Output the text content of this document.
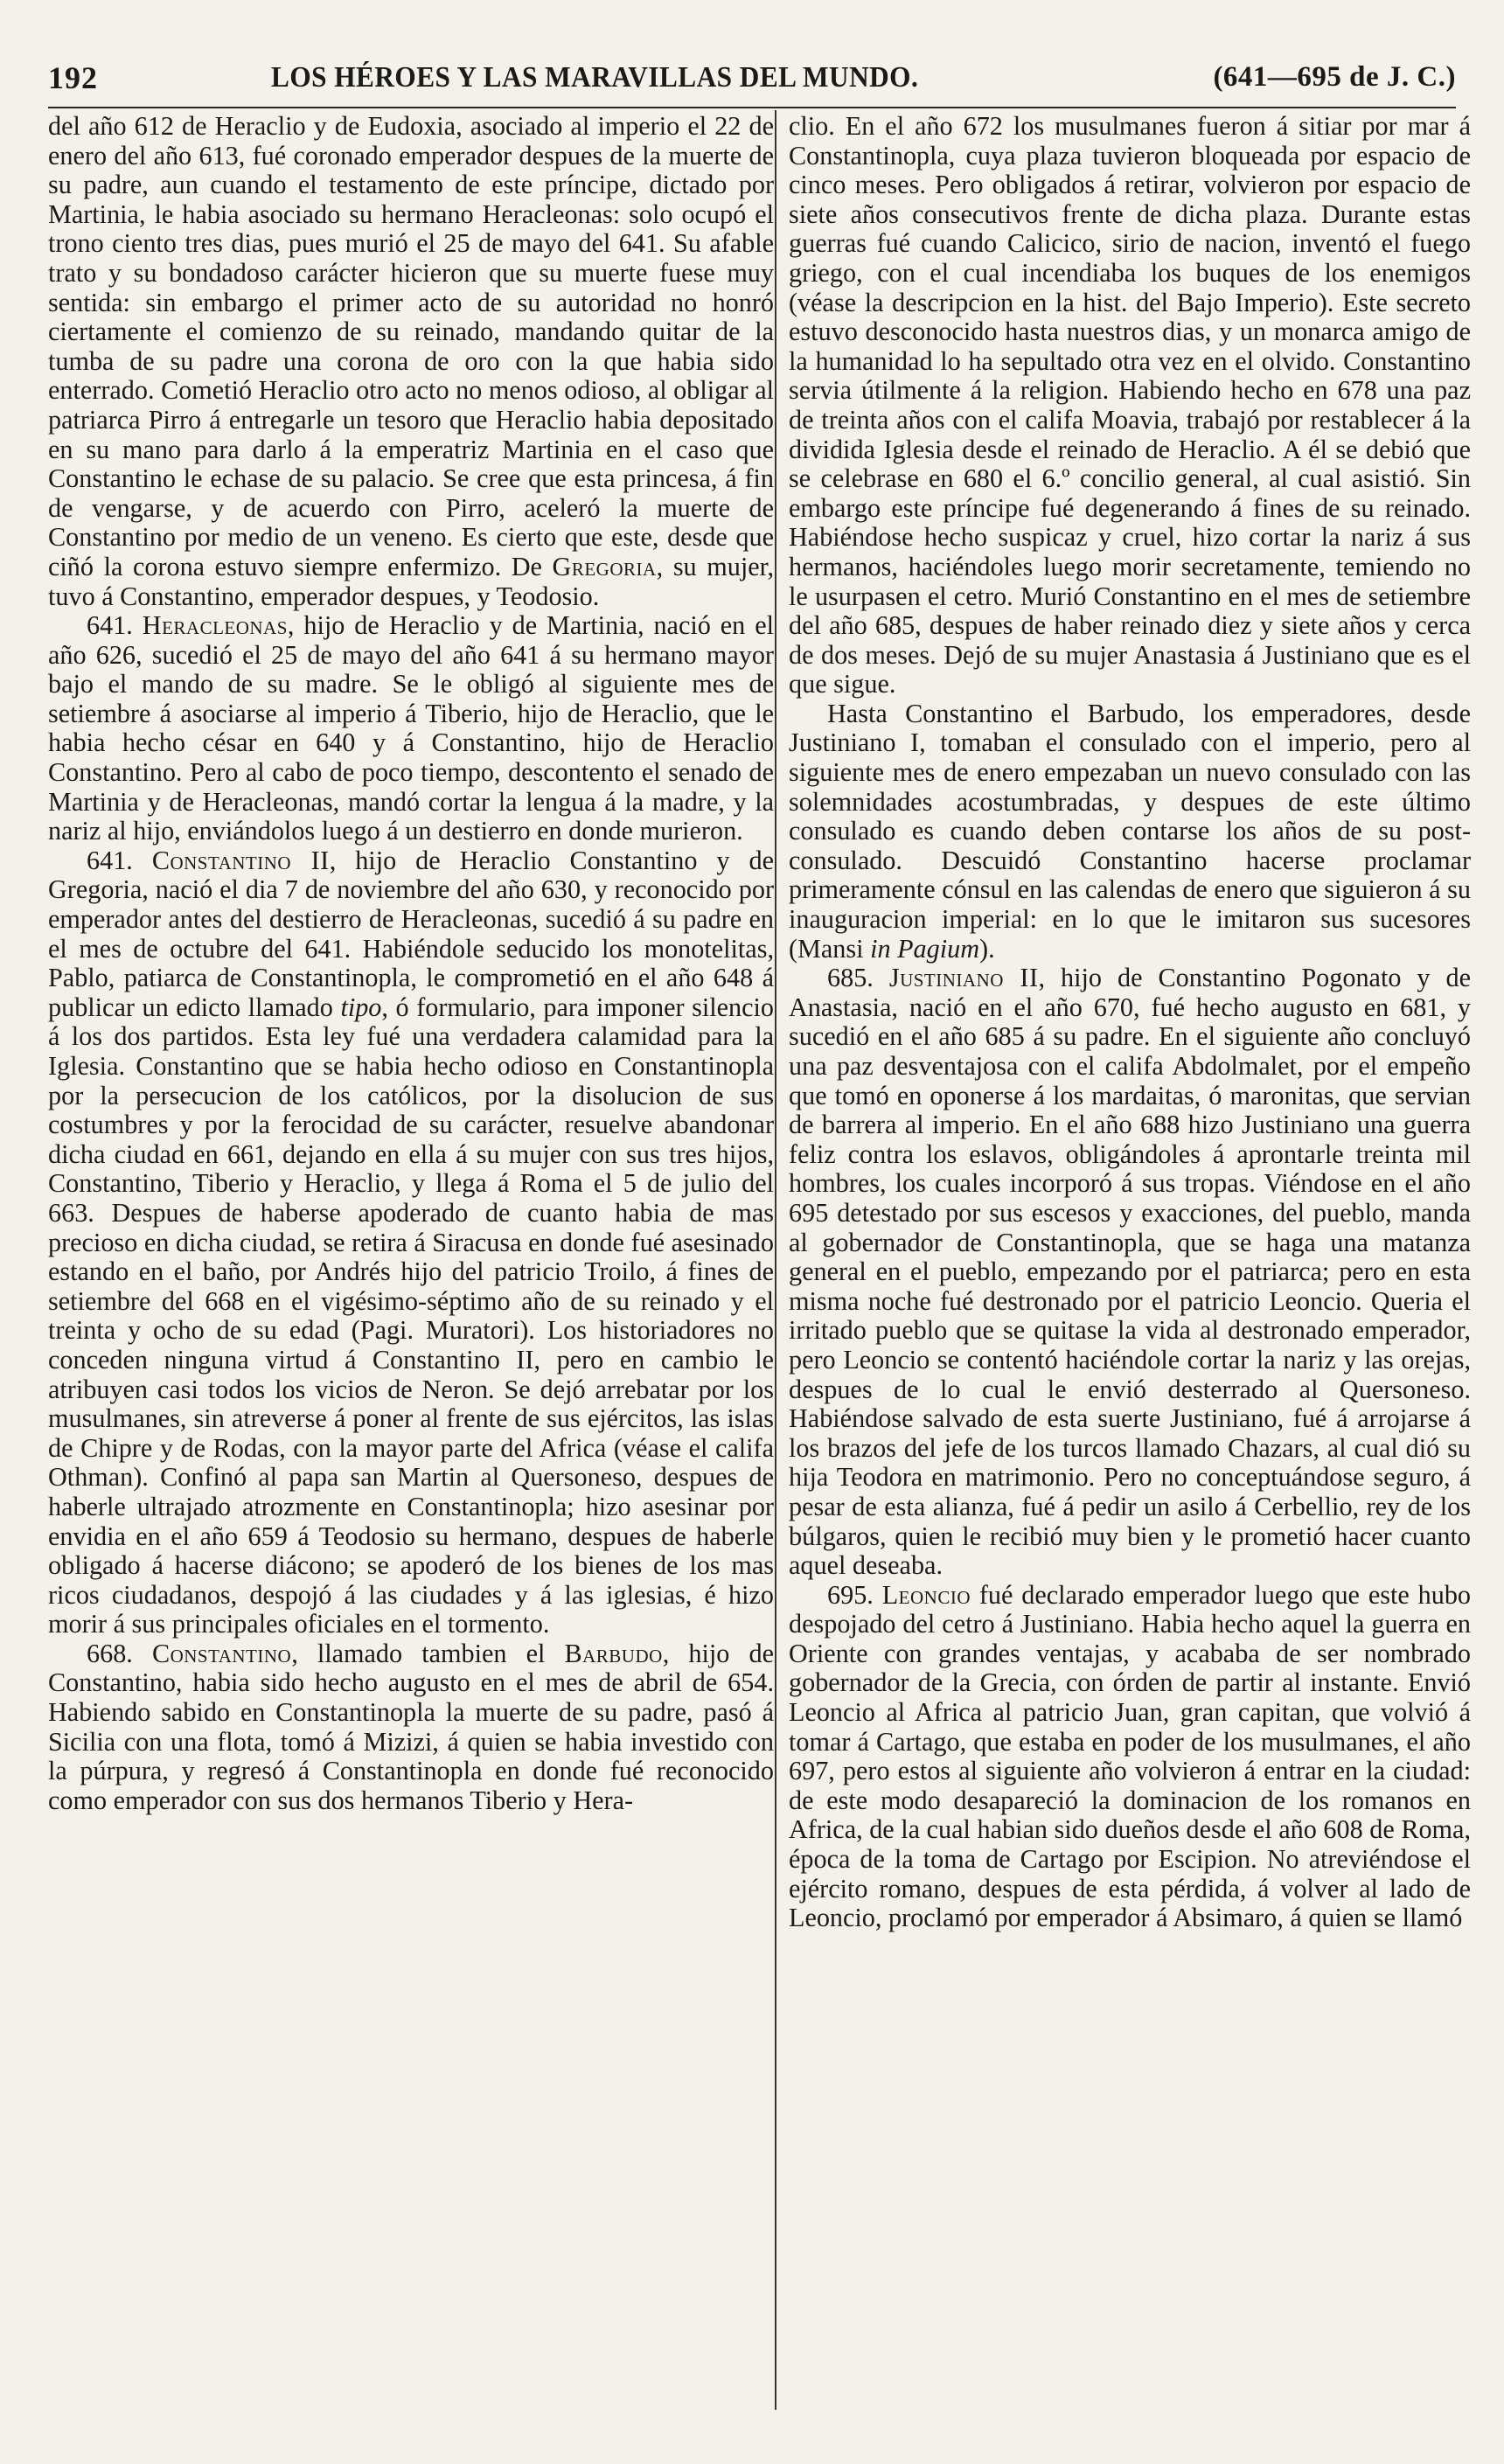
192	LOS HÉROES Y LAS MARAVILLAS DEL MUNDO.	(641—695 de J. C.)

del año 612 de Heraclio y de Eudoxia, asociado al imperio el 22 de enero del año 613, fué coronado emperador despues de la muerte de su padre, aun cuando el testamento de este príncipe, dictado por Martinia, le habia asociado su hermano Heracleonas: solo ocupó el trono ciento tres dias, pues murió el 25 de mayo del 641. Su afable trato y su bondadoso carácter hicieron que su muerte fuese muy sentida: sin embargo el primer acto de su autoridad no honró ciertamente el comienzo de su reinado, mandando quitar de la tumba de su padre una corona de oro con la que habia sido enterrado. Cometió Heraclio otro acto no menos odioso, al obligar al patriarca Pirro á entregarle un tesoro que Heraclio habia depositado en su mano para darlo á la emperatriz Martinia en el caso que Constantino le echase de su palacio. Se cree que esta princesa, á fin de vengarse, y de acuerdo con Pirro, aceleró la muerte de Constantino por medio de un veneno. Es cierto que este, desde que ciñó la corona estuvo siempre enfermizo. De Gregoria, su mujer, tuvo á Constantino, emperador despues, y Teodosio.

641. Heracleonas, hijo de Heraclio y de Martinia, nació en el año 626, sucedió el 25 de mayo del año 641 á su hermano mayor bajo el mando de su madre. Se le obligó al siguiente mes de setiembre á asociarse al imperio á Tiberio, hijo de Heraclio, que le habia hecho césar en 640 y á Constantino, hijo de Heraclio Constantino. Pero al cabo de poco tiempo, descontento el senado de Martinia y de Heracleonas, mandó cortar la lengua á la madre, y la nariz al hijo, enviándolos luego á un destierro en donde murieron.

641. Constantino II, hijo de Heraclio Constantino y de Gregoria, nació el dia 7 de noviembre del año 630, y reconocido por emperador antes del destierro de Heracleonas, sucedió á su padre en el mes de octubre del 641. Habiéndole seducido los monotelitas, Pablo, patiarca de Constantinopla, le comprometió en el año 648 á publicar un edicto llamado tipo, ó formulario, para imponer silencio á los dos partidos. Esta ley fué una verdadera calamidad para la Iglesia. Constantino que se habia hecho odioso en Constantinopla por la persecucion de los católicos, por la disolucion de sus costumbres y por la ferocidad de su carácter, resuelve abandonar dicha ciudad en 661, dejando en ella á su mujer con sus tres hijos, Constantino, Tiberio y Heraclio, y llega á Roma el 5 de julio del 663. Despues de haberse apoderado de cuanto habia de mas precioso en dicha ciudad, se retira á Siracusa en donde fué asesinado estando en el baño, por Andrés hijo del patricio Troilo, á fines de setiembre del 668 en el vigésimo-séptimo año de su reinado y el treinta y ocho de su edad (Pagi. Muratori). Los historiadores no conceden ninguna virtud á Constantino II, pero en cambio le atribuyen casi todos los vicios de Neron. Se dejó arrebatar por los musulmanes, sin atreverse á poner al frente de sus ejércitos, las islas de Chipre y de Rodas, con la mayor parte del Africa (véase el califa Othman). Confinó al papa san Martin al Quersoneso, despues de haberle ultrajado atrozmente en Constantinopla; hizo asesinar por envidia en el año 659 á Teodosio su hermano, despues de haberle obligado á hacerse diácono; se apoderó de los bienes de los mas ricos ciudadanos, despojó á las ciudades y á las iglesias, é hizo morir á sus principales oficiales en el tormento.

668. Constantino, llamado tambien el Barbudo, hijo de Constantino, habia sido hecho augusto en el mes de abril de 654. Habiendo sabido en Constantinopla la muerte de su padre, pasó á Sicilia con una flota, tomó á Mizizi, á quien se habia investido con la púrpura, y regresó á Constantinopla en donde fué reconocido como emperador con sus dos hermanos Tiberio y Hera-

clio. En el año 672 los musulmanes fueron á sitiar por mar á Constantinopla, cuya plaza tuvieron bloqueada por espacio de cinco meses. Pero obligados á retirar, volvieron por espacio de siete años consecutivos frente de dicha plaza. Durante estas guerras fué cuando Calicico, sirio de nacion, inventó el fuego griego, con el cual incendiaba los buques de los enemigos (véase la descripcion en la hist. del Bajo Imperio). Este secreto estuvo desconocido hasta nuestros dias, y un monarca amigo de la humanidad lo ha sepultado otra vez en el olvido. Constantino servia útilmente á la religion. Habiendo hecho en 678 una paz de treinta años con el califa Moavia, trabajó por restablecer á la dividida Iglesia desde el reinado de Heraclio. A él se debió que se celebrase en 680 el 6.º concilio general, al cual asistió. Sin embargo este príncipe fué degenerando á fines de su reinado. Habiéndose hecho suspicaz y cruel, hizo cortar la nariz á sus hermanos, haciéndoles luego morir secretamente, temiendo no le usurpasen el cetro. Murió Constantino en el mes de setiembre del año 685, despues de haber reinado diez y siete años y cerca de dos meses. Dejó de su mujer Anastasia á Justiniano que es el que sigue.

Hasta Constantino el Barbudo, los emperadores, desde Justiniano I, tomaban el consulado con el imperio, pero al siguiente mes de enero empezaban un nuevo consulado con las solemnidades acostumbradas, y despues de este último consulado es cuando deben contarse los años de su post-consulado. Descuidó Constantino hacerse proclamar primeramente cónsul en las calendas de enero que siguieron á su inauguracion imperial: en lo que le imitaron sus sucesores (Mansi in Pagium).

685. Justiniano II, hijo de Constantino Pogonato y de Anastasia, nació en el año 670, fué hecho augusto en 681, y sucedió en el año 685 á su padre. En el siguiente año concluyó una paz desventajosa con el califa Abdolmalet, por el empeño que tomó en oponerse á los mardaitas, ó maronitas, que servian de barrera al imperio. En el año 688 hizo Justiniano una guerra feliz contra los eslavos, obligándoles á aprontarle treinta mil hombres, los cuales incorporó á sus tropas. Viéndose en el año 695 detestado por sus escesos y exacciones, del pueblo, manda al gobernador de Constantinopla, que se haga una matanza general en el pueblo, empezando por el patriarca; pero en esta misma noche fué destronado por el patricio Leoncio. Queria el irritado pueblo que se quitase la vida al destronado emperador, pero Leoncio se contentó haciéndole cortar la nariz y las orejas, despues de lo cual le envió desterrado al Quersoneso. Habiéndose salvado de esta suerte Justiniano, fué á arrojarse á los brazos del jefe de los turcos llamado Chazars, al cual dió su hija Teodora en matrimonio. Pero no conceptuándose seguro, á pesar de esta alianza, fué á pedir un asilo á Cerbellio, rey de los búlgaros, quien le recibió muy bien y le prometió hacer cuanto aquel deseaba.

695. Leoncio fué declarado emperador luego que este hubo despojado del cetro á Justiniano. Habia hecho aquel la guerra en Oriente con grandes ventajas, y acababa de ser nombrado gobernador de la Grecia, con órden de partir al instante. Envió Leoncio al Africa al patricio Juan, gran capitan, que volvió á tomar á Cartago, que estaba en poder de los musulmanes, el año 697, pero estos al siguiente año volvieron á entrar en la ciudad: de este modo desapareció la dominacion de los romanos en Africa, de la cual habian sido dueños desde el año 608 de Roma, época de la toma de Cartago por Escipion. No atreviéndose el ejército romano, despues de esta pérdida, á volver al lado de Leoncio, proclamó por emperador á Absimaro, á quien se llamó
